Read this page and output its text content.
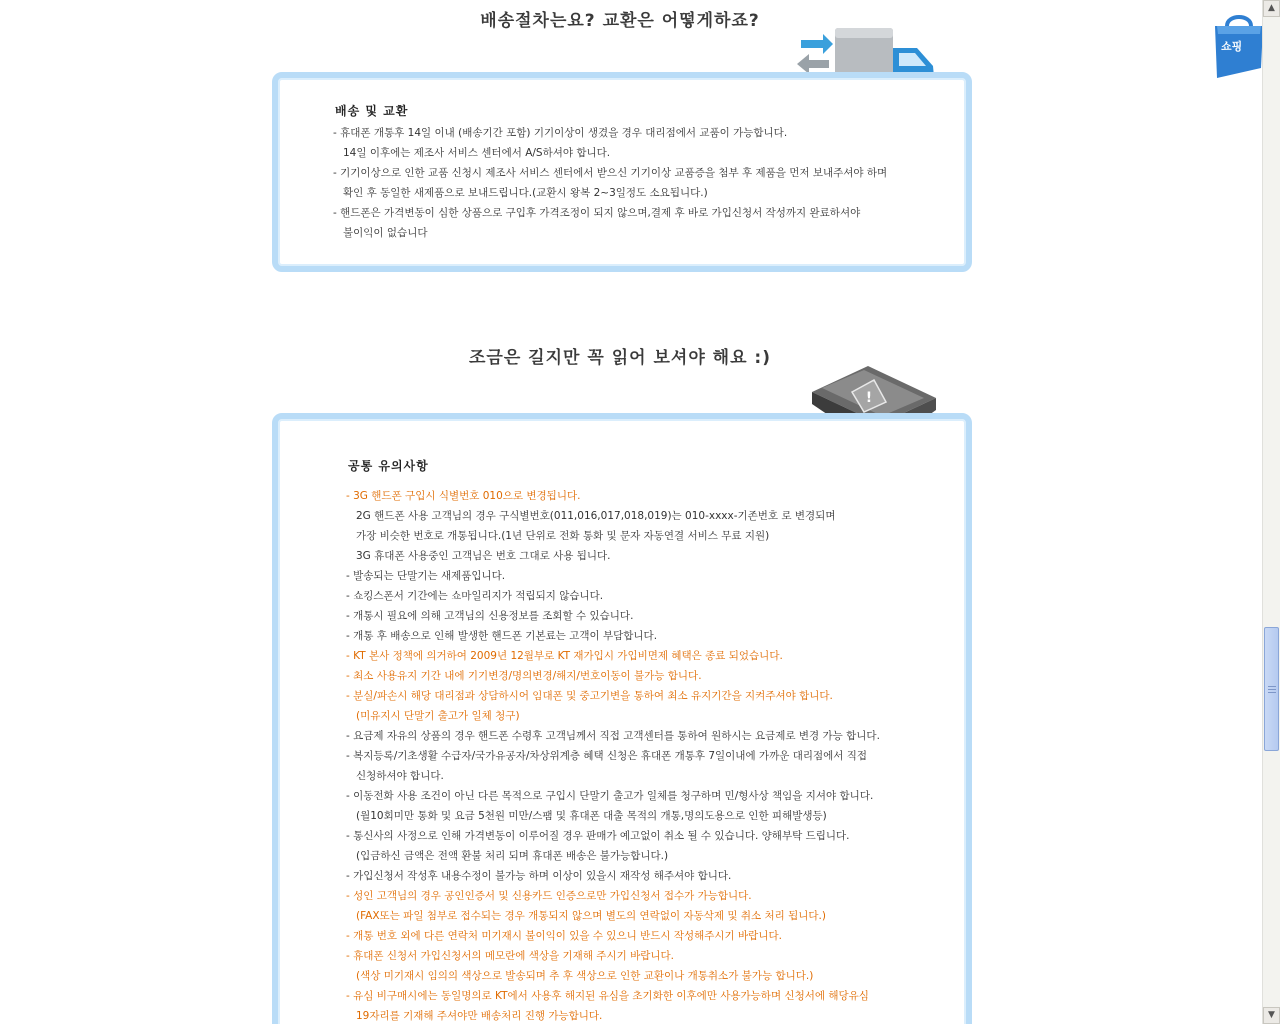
배송절차는요? 교환은 어떻게하죠?
배송 및 교환
- 휴대폰 개통후 14일 이내 (배송기간 포함) 기기이상이 생겼을 경우 대리점에서 교품이 가능합니다.
14일 이후에는 제조사 서비스 센터에서 A/S하셔야 합니다.
- 기기이상으로 인한 교품 신청시 제조사 서비스 센터에서 받으신 기기이상 교품증을 첨부 후 제품을 먼저 보내주셔야 하며
확인 후 동일한 새제품으로 보내드립니다.(교환시 왕복 2~3일정도 소요됩니다.)
- 핸드폰은 가격변동이 심한 상품으로 구입후 가격조정이 되지 않으며,결제 후 바로 가입신청서 작성까지 완료하셔야
불이익이 없습니다
조금은 길지만 꼭 읽어 보셔야 해요 :)
!
공통 유의사항
- 3G 핸드폰 구입시 식별번호 010으로 변경됩니다.
2G 핸드폰 사용 고객님의 경우 구식별번호(011,016,017,018,019)는 010-xxxx-기존번호 로 변경되며
가장 비슷한 번호로 개통됩니다.(1년 단위로 전화 통화 및 문자 자동연결 서비스 무료 지원)
3G 휴대폰 사용중인 고객님은 번호 그대로 사용 됩니다.
- 발송되는 단말기는 새제품입니다.
- 쇼킹스폰서 기간에는 쇼마일리지가 적립되지 않습니다.
- 개통시 필요에 의해 고객님의 신용정보를 조회할 수 있습니다.
- 개통 후 배송으로 인해 발생한 핸드폰 기본료는 고객이 부담합니다.
- KT 본사 정책에 의거하여 2009년 12월부로 KT 재가입시 가입비면제 혜택은 종료 되었습니다.
- 최소 사용유지 기간 내에 기기변경/명의변경/해지/번호이동이 불가능 합니다.
- 분실/파손시 해당 대리점과 상담하시어 임대폰 및 중고기변을 통하여 최소 유지기간을 지켜주셔야 합니다.
(미유지시 단말기 출고가 일체 청구)
- 요금제 자유의 상품의 경우 핸드폰 수령후 고객님께서 직접 고객센터를 통하여 원하시는 요금제로 변경 가능 합니다.
- 복지등록/기초생활 수급자/국가유공자/차상위계층 혜택 신청은 휴대폰 개통후 7일이내에 가까운 대리점에서 직접
신청하셔야 합니다.
- 이동전화 사용 조건이 아닌 다른 목적으로 구입시 단말기 출고가 일체를 청구하며 민/형사상 책임을 지셔야 합니다.
(월10회미만 통화 및 요금 5천원 미만/스팸 및 휴대폰 대출 목적의 개통,명의도용으로 인한 피해발생등)
- 통신사의 사정으로 인해 가격변동이 이루어질 경우 판매가 예고없이 취소 될 수 있습니다. 양해부탁 드립니다.
(입금하신 금액은 전액 환불 처리 되며 휴대폰 배송은 불가능합니다.)
- 가입신청서 작성후 내용수정이 불가능 하며 이상이 있을시 재작성 해주셔야 합니다.
- 성인 고객님의 경우 공인인증서 및 신용카드 인증으로만 가입신청서 접수가 가능합니다.
(FAX또는 파일 첨부로 접수되는 경우 개통되지 않으며 별도의 연락없이 자동삭제 및 취소 처리 됩니다.)
- 개통 번호 외에 다른 연락처 미기재시 불이익이 있을 수 있으니 반드시 작성해주시기 바랍니다.
- 휴대폰 신청서 가입신청서의 메모란에 색상을 기재해 주시기 바랍니다.
(색상 미기재시 임의의 색상으로 발송되며 추 후 색상으로 인한 교환이나 개통취소가 불가능 합니다.)
- 유심 비구매시에는 동일명의로 KT에서 사용후 해지된 유심을 초기화한 이후에만 사용가능하며 신청서에 해당유심
19자리를 기재해 주셔야만 배송처리 진행 가능합니다.
쇼핑
▲
▼
